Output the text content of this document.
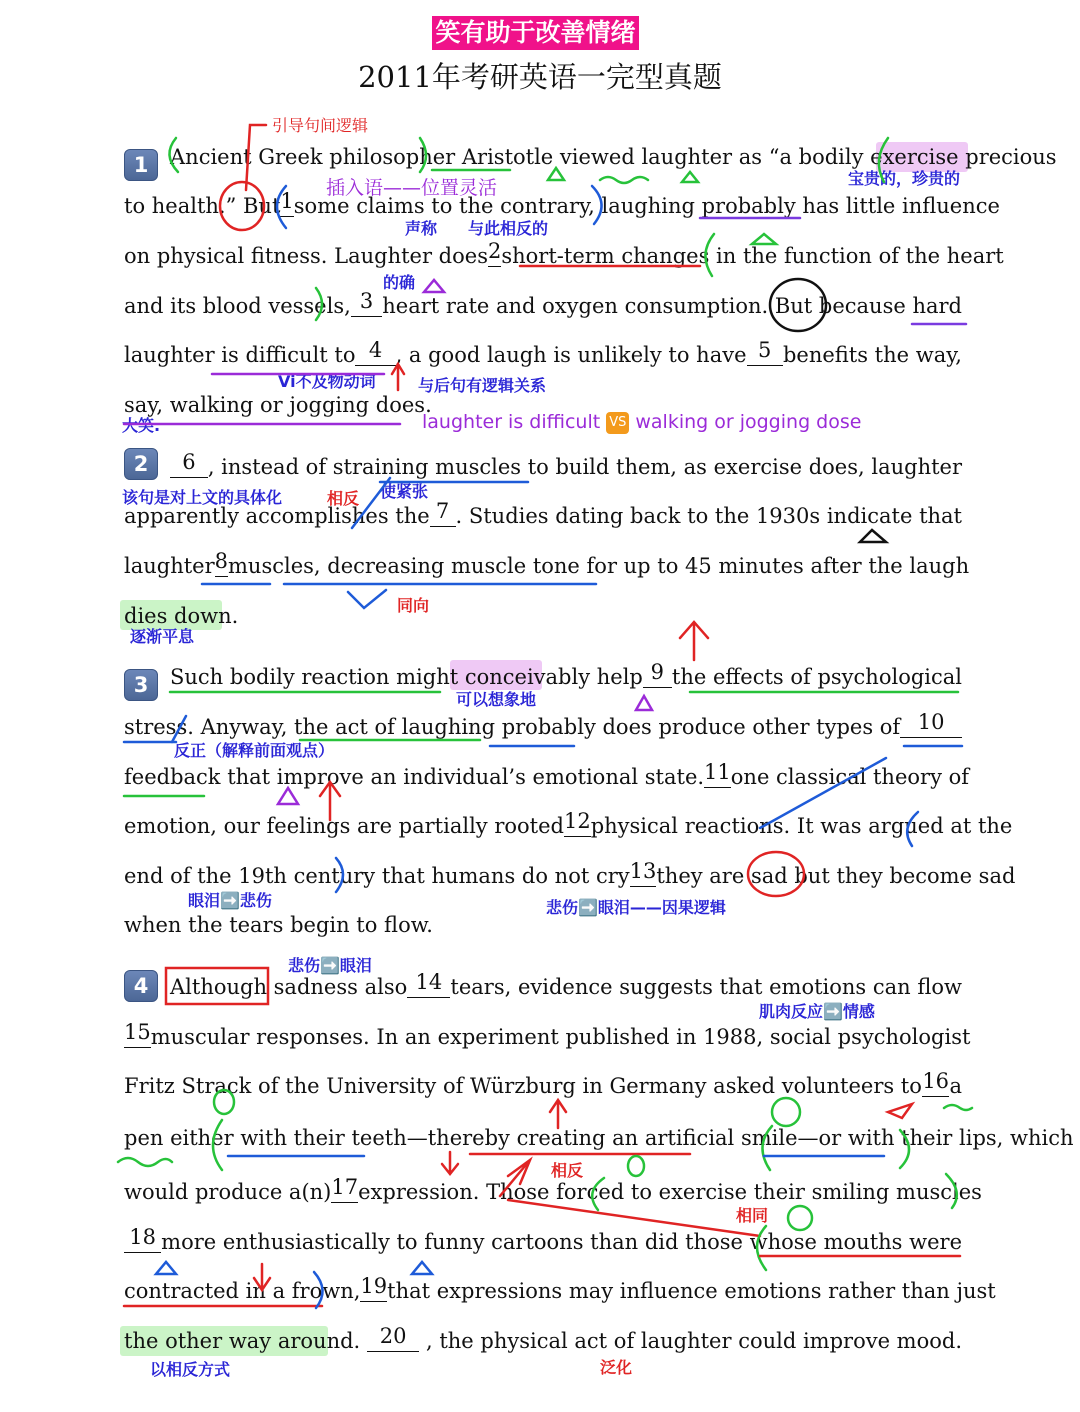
笑有助于改善情绪
2011年考研英语一完型真题
1	Ancient Greek philosopher Aristotle viewed laughter as “a bodily exercise precious
to health.” But 1 some claims to the contrary, laughing probably has little influence
on physical fitness. Laughter does 2 short-term changes in the function of the heart
and its blood vessels, 3 heart rate and oxygen consumption. But because hard
laughter is difficult to 4 , a good laugh is unlikely to have 5 benefits the way,
say, walking or jogging does.
2	6 , instead of straining muscles to build them, as exercise does, laughter
apparently accomplishes the 7 . Studies dating back to the 1930s indicate that
laughter 8 muscles, decreasing muscle tone for up to 45 minutes after the laugh
dies down.
3	Such bodily reaction might conceivably help 9 the effects of psychological
stress. Anyway, the act of laughing probably does produce other types of 10
feedback that improve an individual’s emotional state. 11 one classical theory of
emotion, our feelings are partially rooted 12 physical reactions. It was argued at the
end of the 19th century that humans do not cry 13 they are sad but they become sad
when the tears begin to flow.
4	Although sadness also 14 tears, evidence suggests that emotions can flow
15 muscular responses. In an experiment published in 1988, social psychologist
Fritz Strack of the University of Würzburg in Germany asked volunteers to 16 a
pen either with their teeth—thereby creating an artificial smile—or with their lips, which
would produce a(n) 17 expression. Those forced to exercise their smiling muscles
18 more enthusiastically to funny cartoons than did those whose mouths were
contracted in a frown, 19 that expressions may influence emotions rather than just
the other way around. 20 , the physical act of laughter could improve mood.
引导句间逻辑
插入语——位置灵活	宝贵的，珍贵的
声称 与此相反的
的确
Vi不及物动词	与后句有逻辑关系
大笑.	laughter is difficult VS walking or jogging dose
该句是对上文的具体化	相反 使紧张
同向
逐渐平息
可以想象地
反正（解释前面观点）
眼泪➡️悲伤	悲伤➡️眼泪——因果逻辑
悲伤➡️眼泪
肌肉反应➡️情感
相反
相同
以相反方式	泛化
